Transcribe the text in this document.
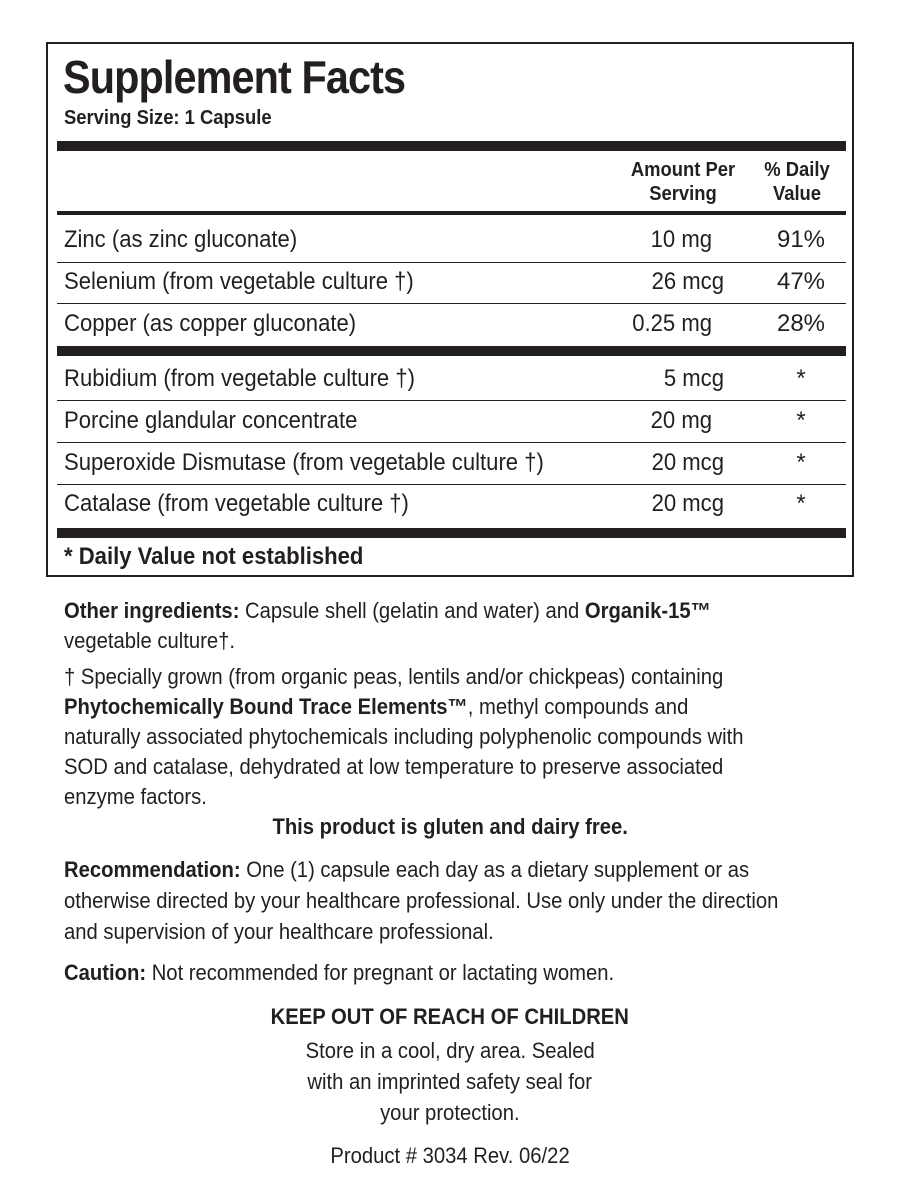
Supplement Facts
Serving Size: 1 Capsule
Amount Per
Serving
% Daily
Value
Zinc (as zinc gluconate)	10 mg	91%
Selenium (from vegetable culture †)	26 mcg	47%
Copper (as copper gluconate)	0.25 mg	28%
Rubidium (from vegetable culture †)	5 mcg	*
Porcine glandular concentrate	20 mg	*
Superoxide Dismutase (from vegetable culture †)	20 mcg	*
Catalase (from vegetable culture †)	20 mcg	*
* Daily Value not established

Other ingredients: Capsule shell (gelatin and water) and Organik-15™
vegetable culture†.

† Specially grown (from organic peas, lentils and/or chickpeas) containing
Phytochemically Bound Trace Elements™, methyl compounds and
naturally associated phytochemicals including polyphenolic compounds with
SOD and catalase, dehydrated at low temperature to preserve associated
enzyme factors.

This product is gluten and dairy free.

Recommendation: One (1) capsule each day as a dietary supplement or as
otherwise directed by your healthcare professional. Use only under the direction
and supervision of your healthcare professional.

Caution: Not recommended for pregnant or lactating women.

KEEP OUT OF REACH OF CHILDREN
Store in a cool, dry area. Sealed
with an imprinted safety seal for
your protection.
Product # 3034 Rev. 06/22
